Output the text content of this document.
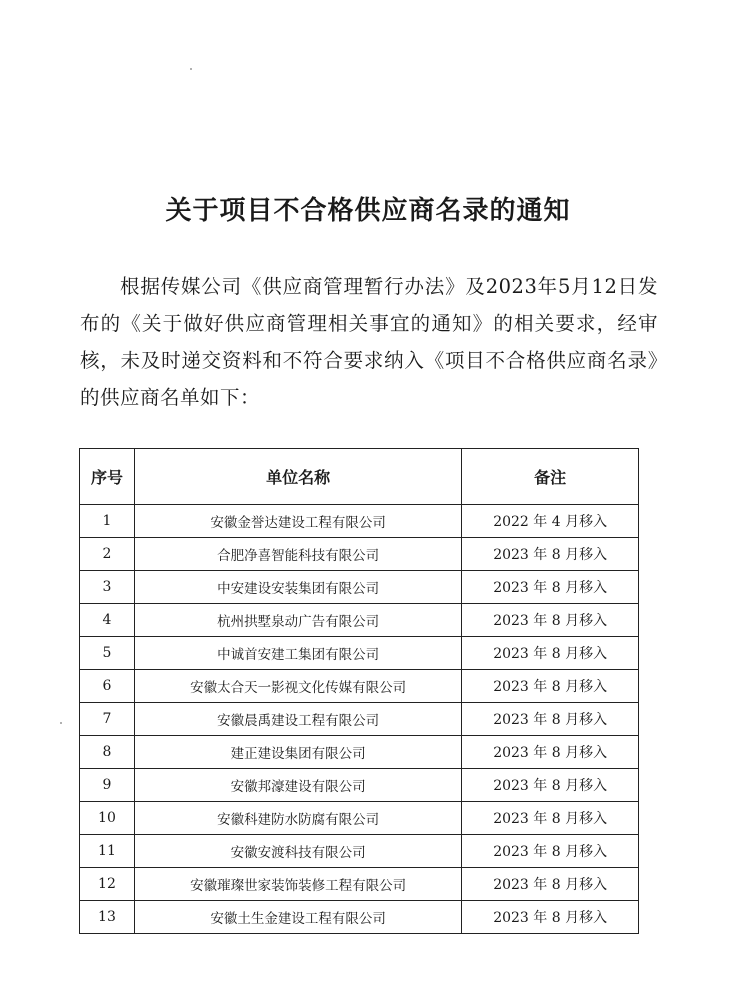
关于项目不合格供应商名录的通知
根据传媒公司《供应商管理暂行办法》及2023年5月12日发布的《关于做好供应商管理相关事宜的通知》的相关要求，经审核，未及时递交资料和不符合要求纳入《项目不合格供应商名录》的供应商名单如下：
序号	单位名称	备注
1	安徽金誉达建设工程有限公司	2022 年 4 月移入
2	合肥净喜智能科技有限公司	2023 年 8 月移入
3	中安建设安装集团有限公司	2023 年 8 月移入
4	杭州拱墅泉动广告有限公司	2023 年 8 月移入
5	中诚首安建工集团有限公司	2023 年 8 月移入
6	安徽太合天一影视文化传媒有限公司	2023 年 8 月移入
7	安徽晨禹建设工程有限公司	2023 年 8 月移入
8	建正建设集团有限公司	2023 年 8 月移入
9	安徽邦濠建设有限公司	2023 年 8 月移入
10	安徽科建防水防腐有限公司	2023 年 8 月移入
11	安徽安渡科技有限公司	2023 年 8 月移入
12	安徽璀璨世家装饰装修工程有限公司	2023 年 8 月移入
13	安徽土生金建设工程有限公司	2023 年 8 月移入
